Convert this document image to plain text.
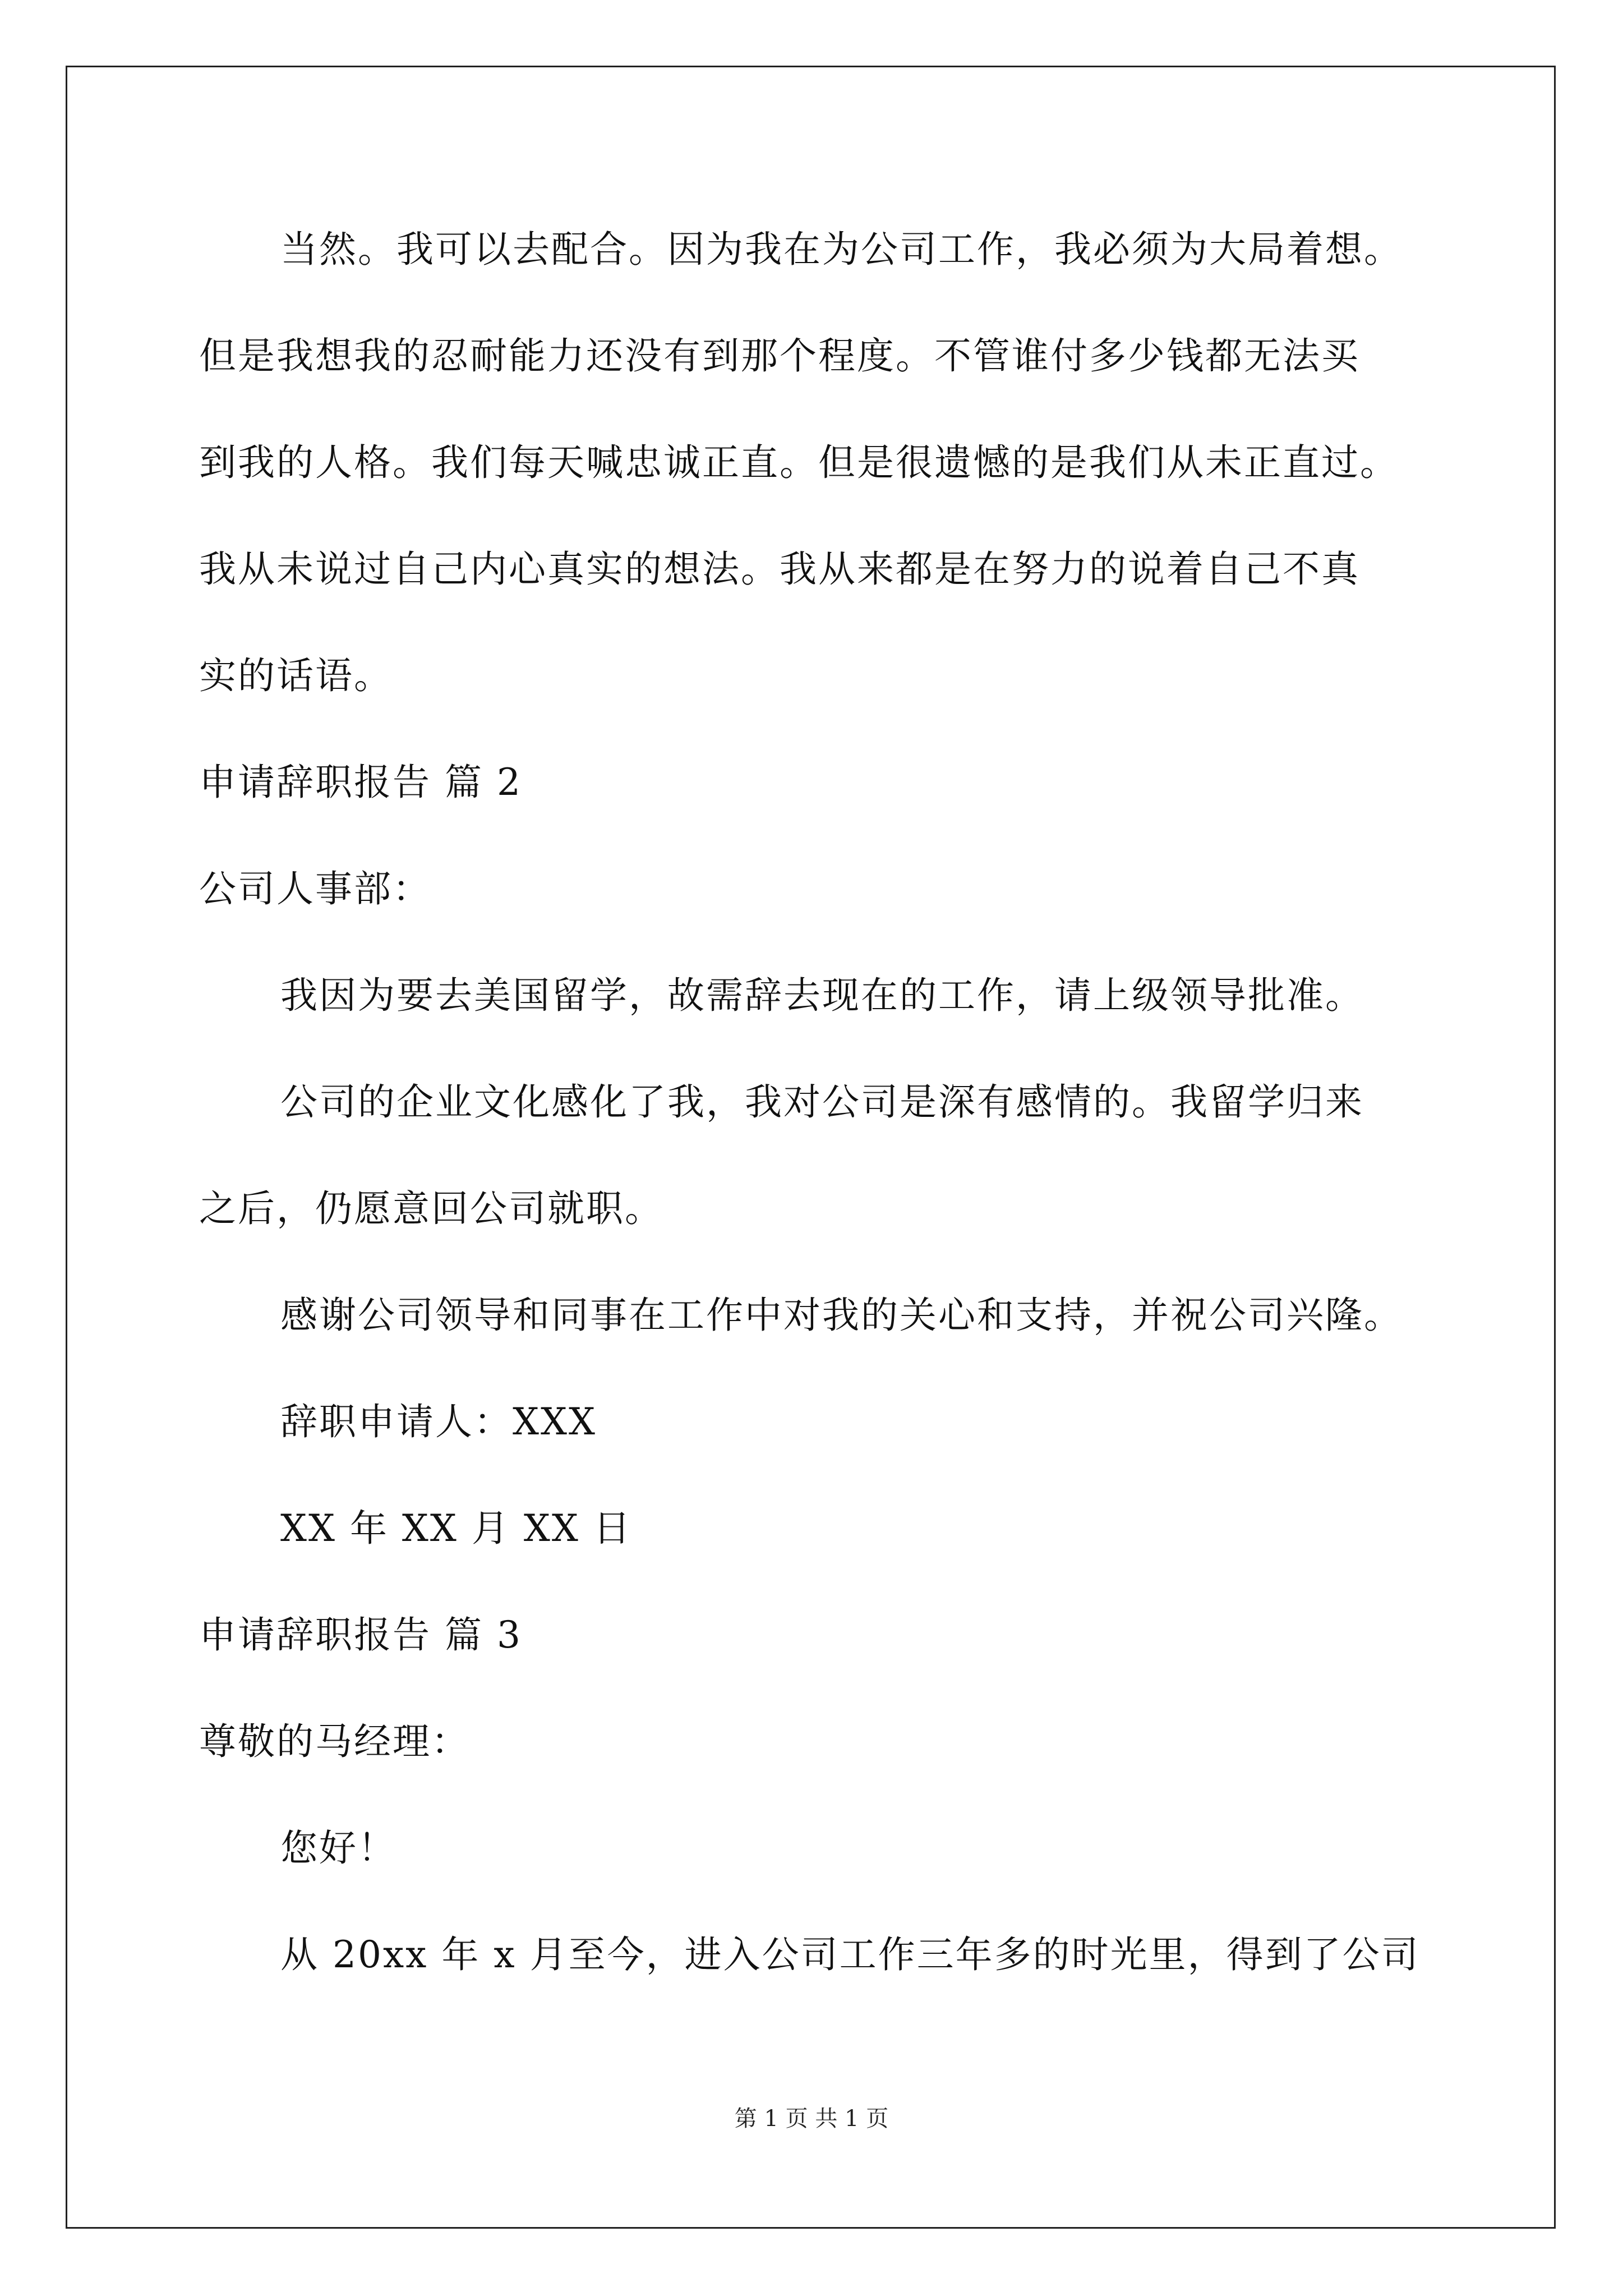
当然。我可以去配合。因为我在为公司工作，我必须为大局着想。
但是我想我的忍耐能力还没有到那个程度。不管谁付多少钱都无法买
到我的人格。我们每天喊忠诚正直。但是很遗憾的是我们从未正直过。
我从未说过自己内心真实的想法。我从来都是在努力的说着自己不真
实的话语。
申请辞职报告 篇 2
公司人事部：
我因为要去美国留学，故需辞去现在的工作，请上级领导批准。
公司的企业文化感化了我，我对公司是深有感情的。我留学归来
之后，仍愿意回公司就职。
感谢公司领导和同事在工作中对我的关心和支持，并祝公司兴隆。
辞职申请人：XXX
XX 年 XX 月 XX 日
申请辞职报告 篇 3
尊敬的马经理：
您好！
从 20xx 年 x 月至今，进入公司工作三年多的时光里，得到了公司
第 1 页 共 1 页
